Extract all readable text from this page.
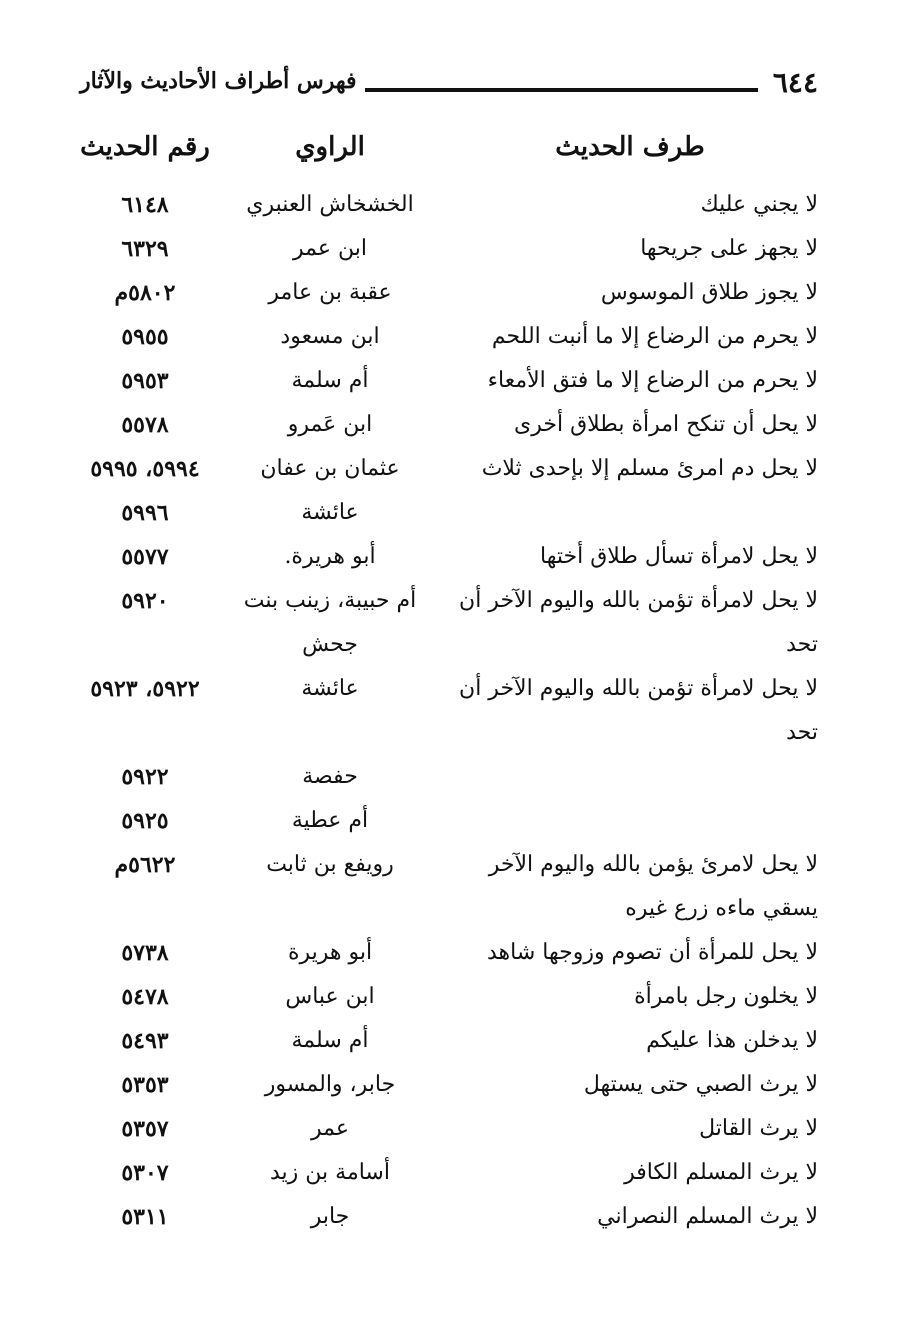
٦٤٤
فهرس أطراف الأحاديث والآثار
طرف الحديث
الراوي
رقم الحديث
لا يجني عليك
الخشخاش العنبري
٦١٤٨
لا يجهز على جريحها
ابن عمر
٦٣٢٩
لا يجوز طلاق الموسوس
عقبة بن عامر
٥٨٠٢م
لا يحرم من الرضاع إلا ما أنبت اللحم
ابن مسعود
٥٩٥٥
لا يحرم من الرضاع إلا ما فتق الأمعاء
أم سلمة
٥٩٥٣
لا يحل أن تنكح امرأة بطلاق أخرى
ابن عَمرو
٥٥٧٨
لا يحل دم امرئ مسلم إلا بإحدى ثلاث
عثمان بن عفان
٥٩٩٤، ٥٩٩٥
عائشة
٥٩٩٦
لا يحل لامرأة تسأل طلاق أختها
أبو هريرة.
٥٥٧٧
لا يحل لامرأة تؤمن بالله واليوم الآخر أن تحد
أم حبيبة، زينب بنت جحش
٥٩٢٠
لا يحل لامرأة تؤمن بالله واليوم الآخر أن تحد
عائشة
٥٩٢٢، ٥٩٢٣
حفصة
٥٩٢٢
أم عطية
٥٩٢٥
لا يحل لامرئ يؤمن بالله واليوم الآخر يسقي ماءه زرع غيره
رويفع بن ثابت
٥٦٢٢م
لا يحل للمرأة أن تصوم وزوجها شاهد
أبو هريرة
٥٧٣٨
لا يخلون رجل بامرأة
ابن عباس
٥٤٧٨
لا يدخلن هذا عليكم
أم سلمة
٥٤٩٣
لا يرث الصبي حتى يستهل
جابر، والمسور
٥٣٥٣
لا يرث القاتل
عمر
٥٣٥٧
لا يرث المسلم الكافر
أسامة بن زيد
٥٣٠٧
لا يرث المسلم النصراني
جابر
٥٣١١
